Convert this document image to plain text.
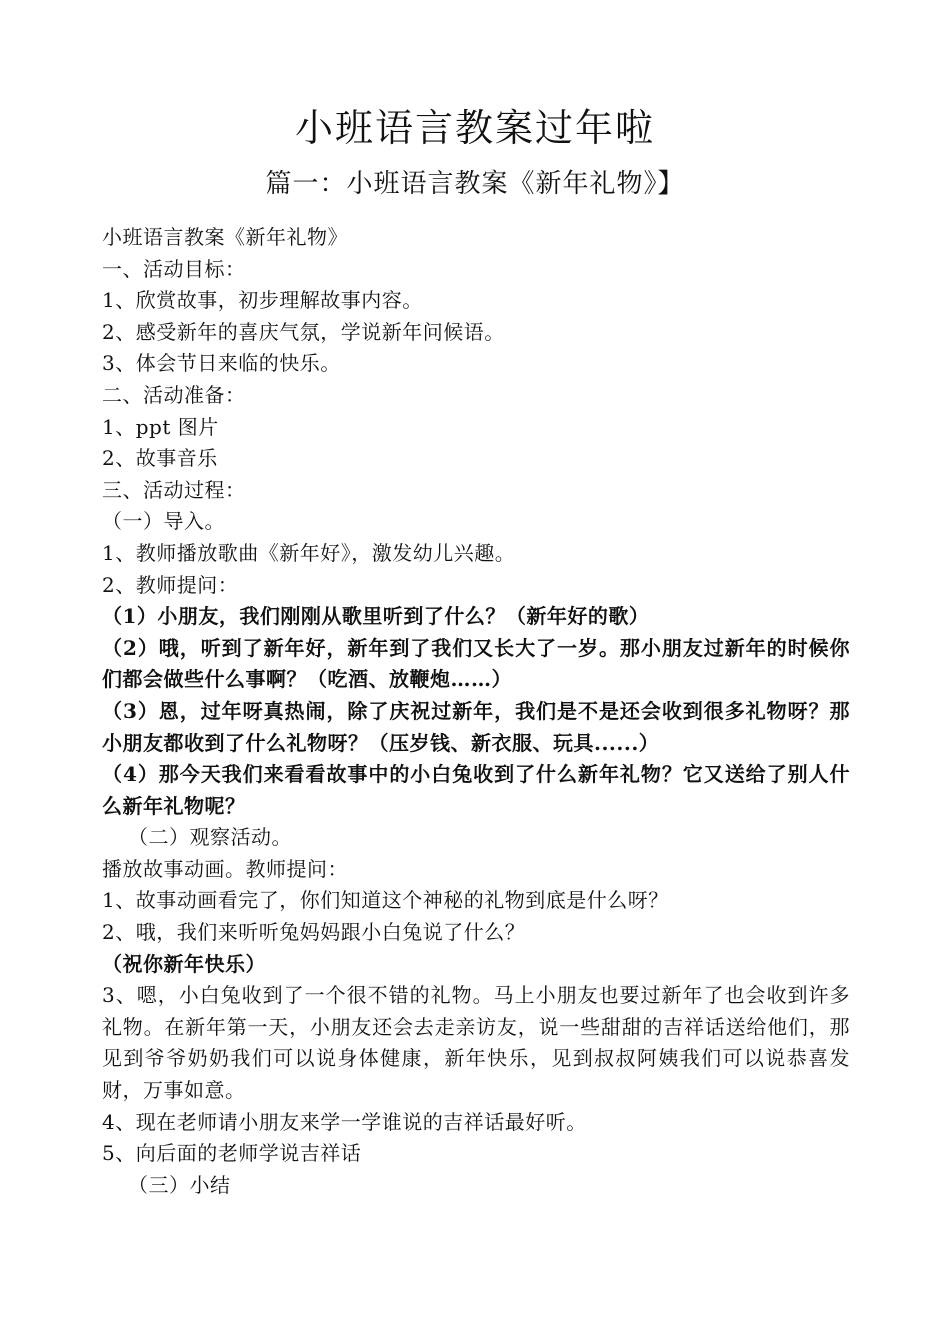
小班语言教案过年啦
篇一：小班语言教案《新年礼物》】
小班语言教案《新年礼物》
一、活动目标：
1、欣赏故事，初步理解故事内容。
2、感受新年的喜庆气氛，学说新年问候语。
3、体会节日来临的快乐。
二、活动准备：
1、ppt 图片
2、故事音乐
三、活动过程：
（一）导入。
1、教师播放歌曲《新年好》，激发幼儿兴趣。
2、教师提问：
（1）小朋友，我们刚刚从歌里听到了什么？（新年好的歌）
（2）哦，听到了新年好，新年到了我们又长大了一岁。那小朋友过新年的时候你们都会做些什么事啊？（吃酒、放鞭炮……）
（3）恩，过年呀真热闹，除了庆祝过新年，我们是不是还会收到很多礼物呀？那小朋友都收到了什么礼物呀？（压岁钱、新衣服、玩具......）
（4）那今天我们来看看故事中的小白兔收到了什么新年礼物？它又送给了别人什么新年礼物呢？
（二）观察活动。
播放故事动画。教师提问：
1、故事动画看完了，你们知道这个神秘的礼物到底是什么呀？
2、哦，我们来听听兔妈妈跟小白兔说了什么？
（祝你新年快乐）
3、嗯，小白兔收到了一个很不错的礼物。马上小朋友也要过新年了也会收到许多礼物。在新年第一天，小朋友还会去走亲访友，说一些甜甜的吉祥话送给他们，那见到爷爷奶奶我们可以说身体健康，新年快乐，见到叔叔阿姨我们可以说恭喜发财，万事如意。
4、现在老师请小朋友来学一学谁说的吉祥话最好听。
5、向后面的老师学说吉祥话
（三）小结
